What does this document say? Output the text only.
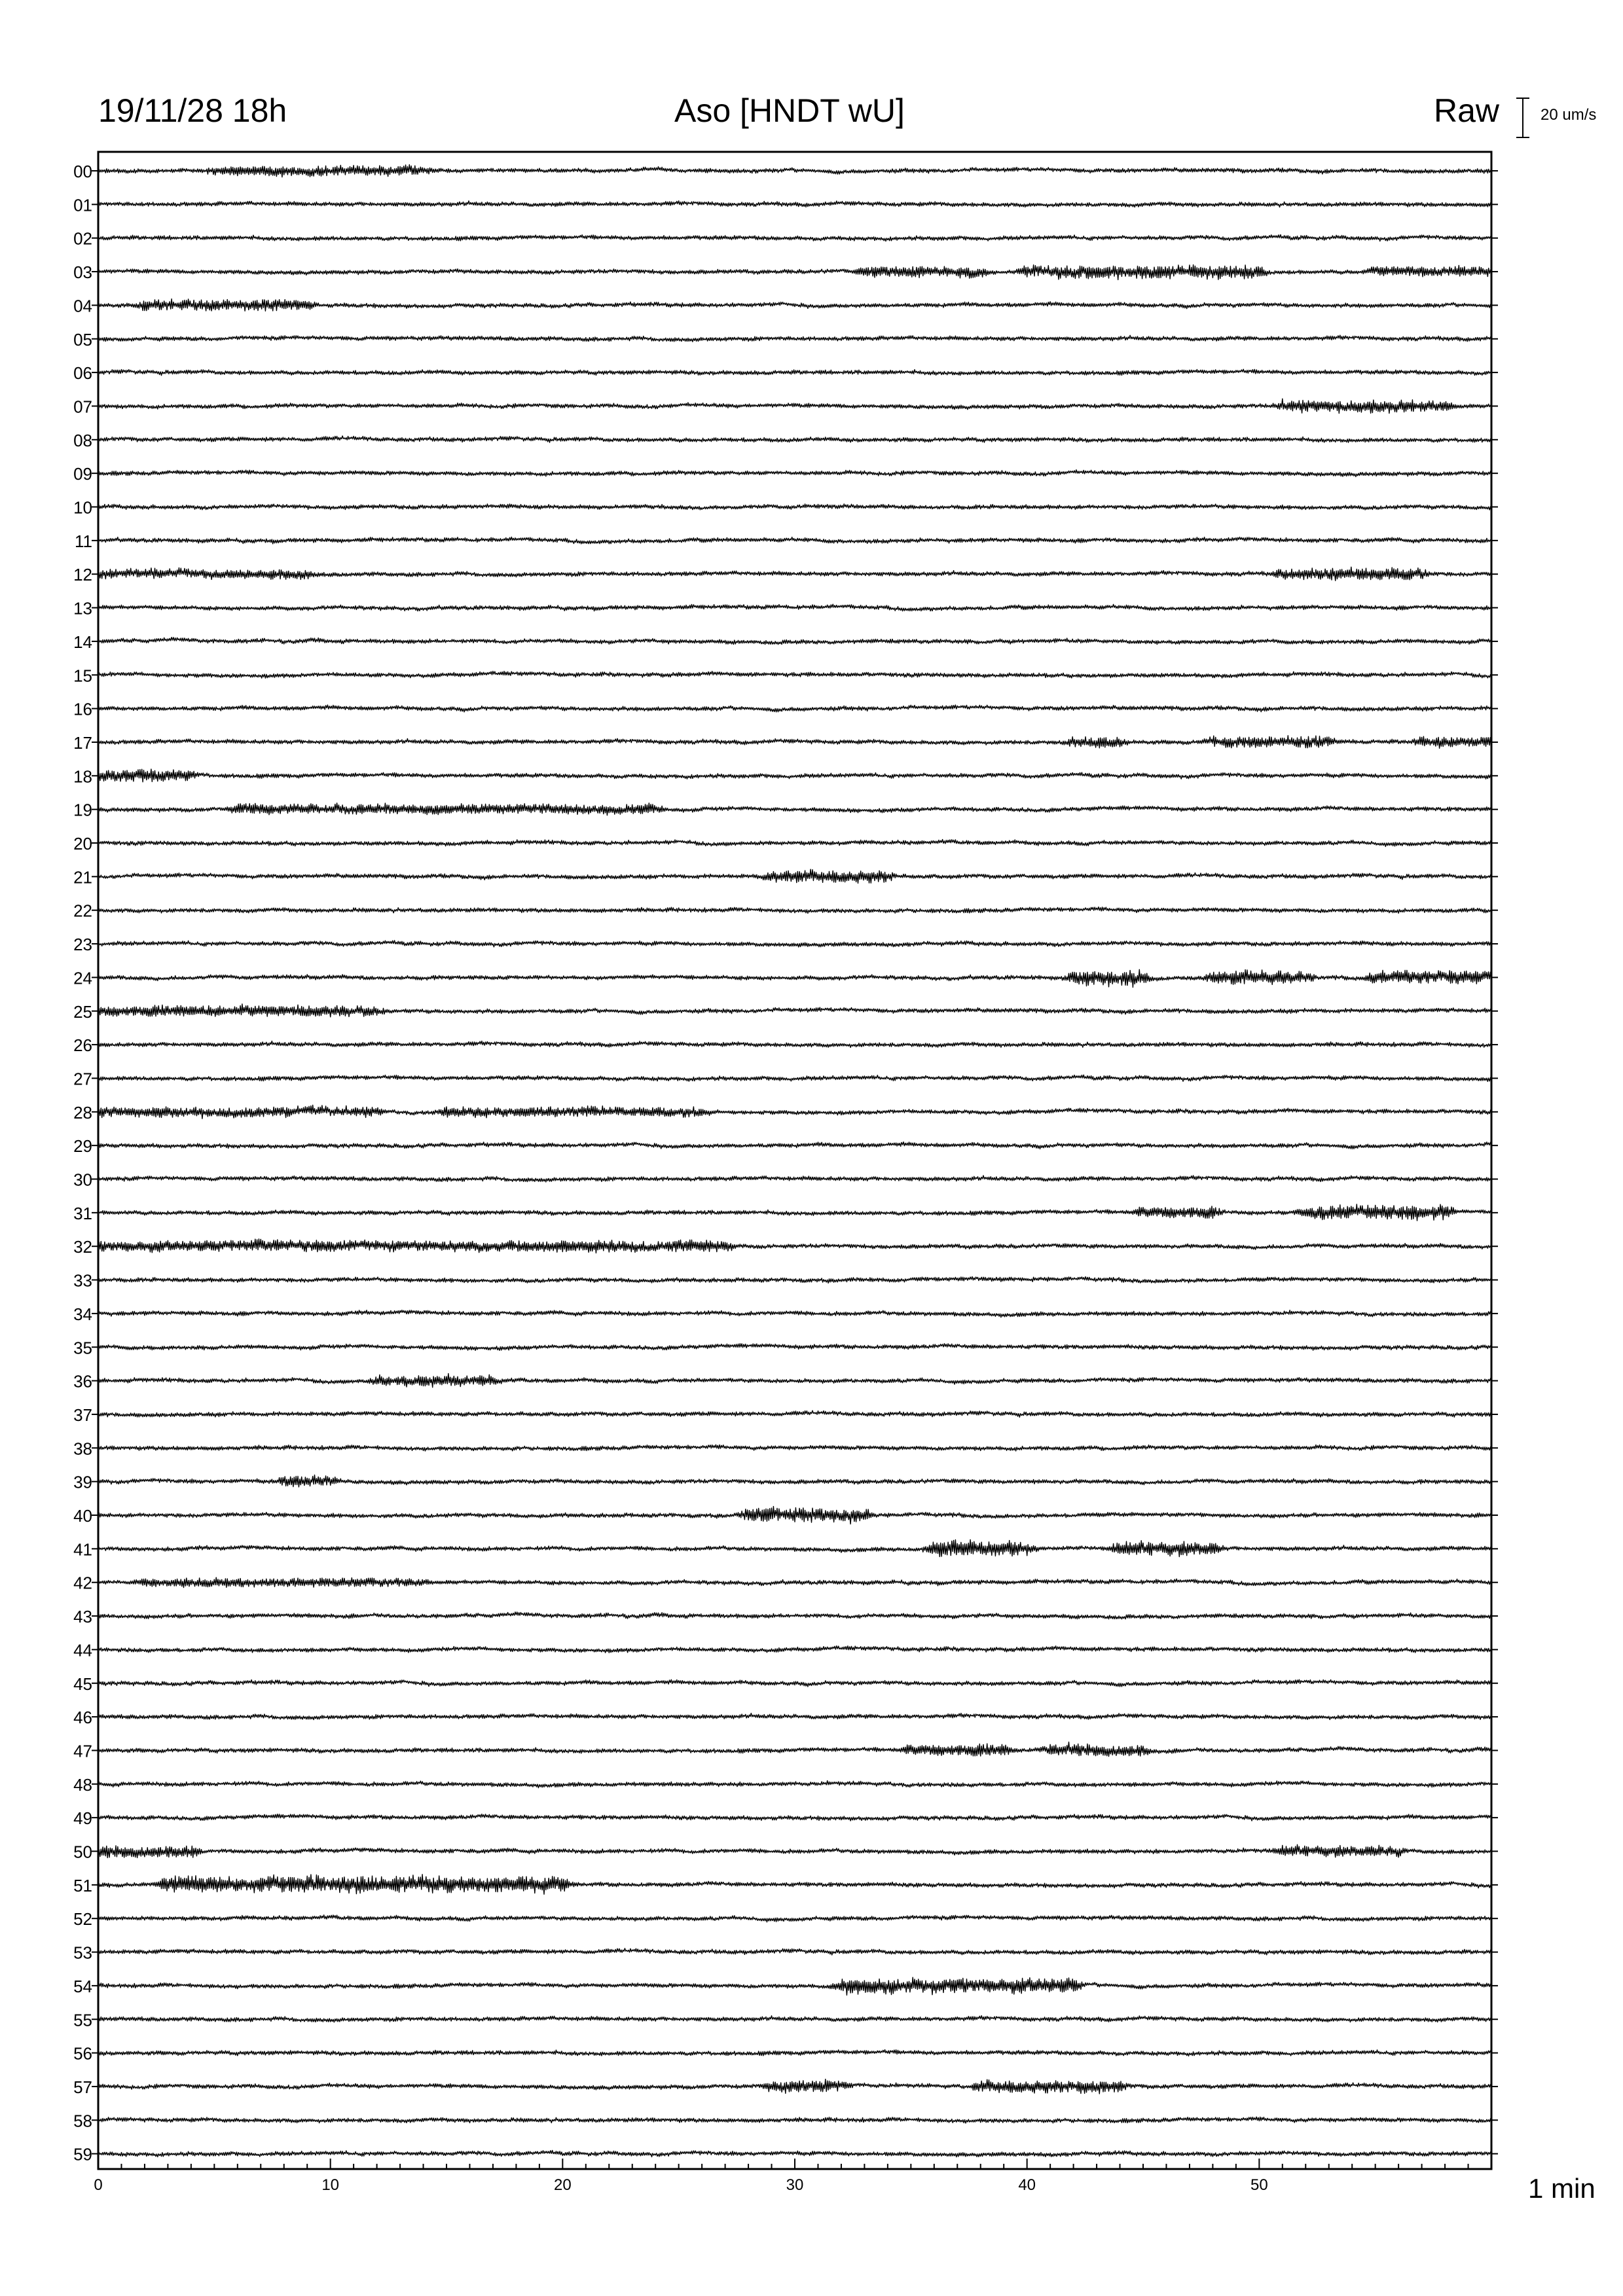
00
01
02
03
04
05
06
07
08
09
10
11
12
13
14
15
16
17
18
19
20
21
22
23
24
25
26
27
28
29
30
31
32
33
34
35
36
37
38
39
40
41
42
43
44
45
46
47
48
49
50
51
52
53
54
55
56
57
58
59
0	10	20	30	40	50
19/11/28 18h	Aso [HNDT wU]	Raw	20 um/s
1 min
